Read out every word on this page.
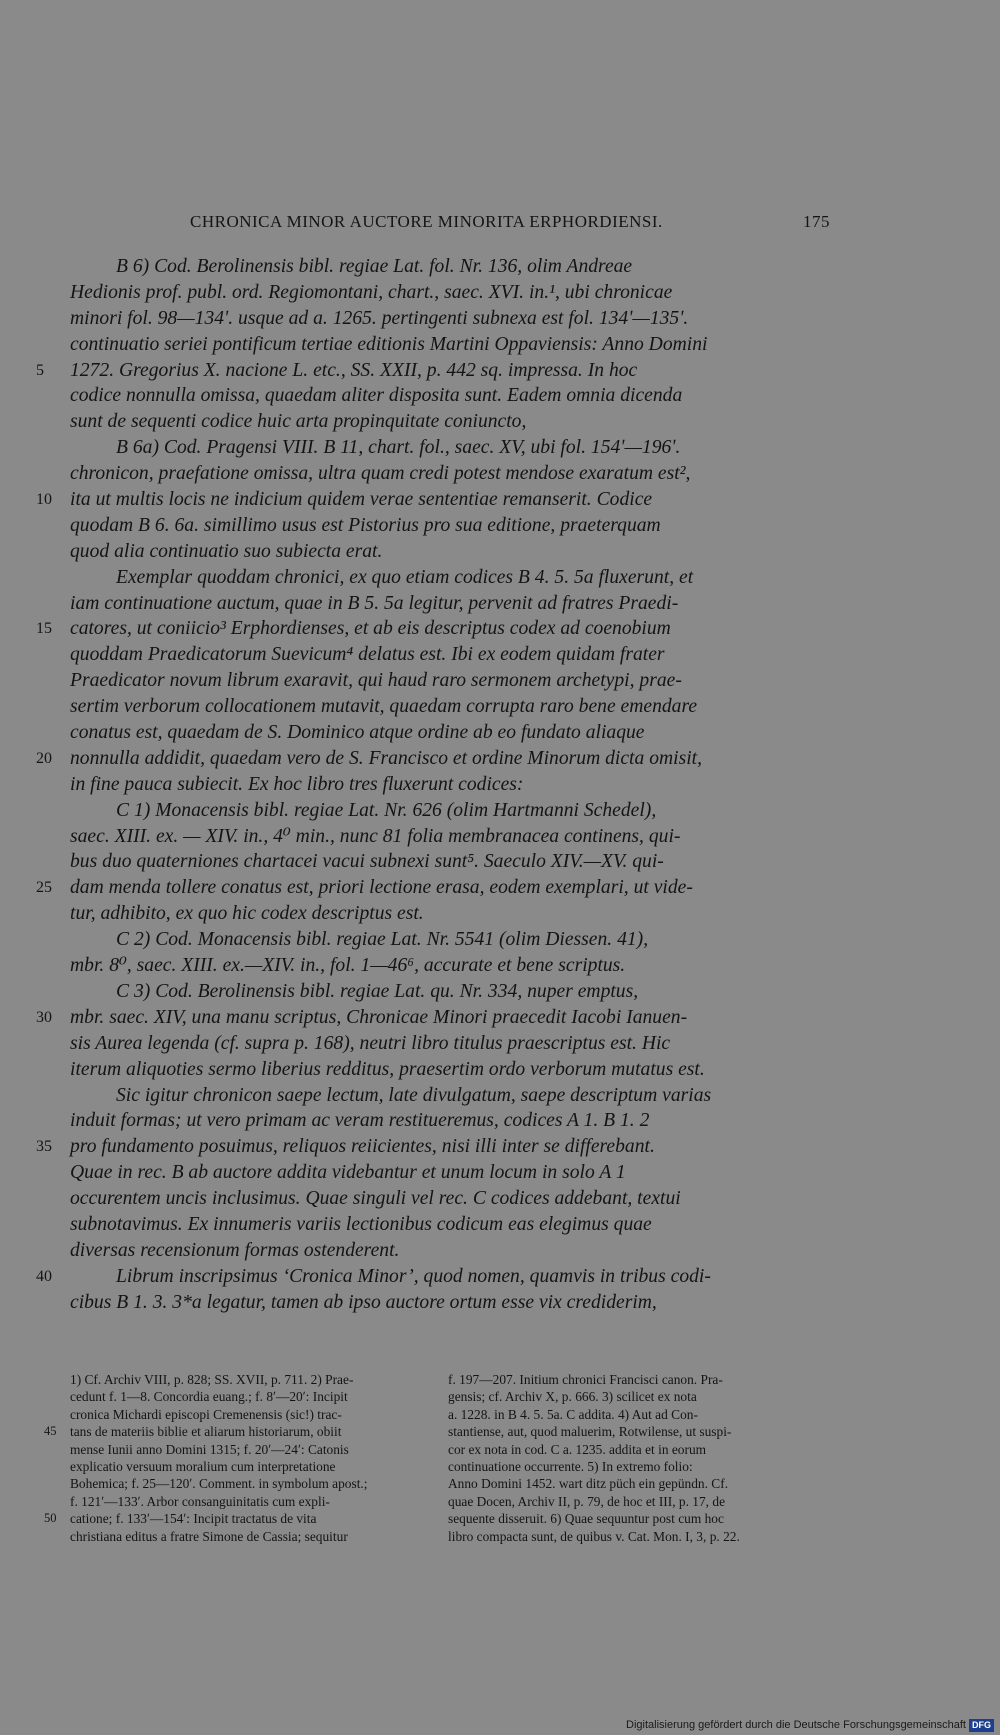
CHRONICA MINOR AUCTORE MINORITA ERPHORDIENSI.	175
B 6) Cod. Berolinensis bibl. regiae Lat. fol. Nr. 136, olim Andreae
Hedionis prof. publ. ord. Regiomontani, chart., saec. XVI. in.¹, ubi chronicae
minori fol. 98—134ʹ. usque ad a. 1265. pertingenti subnexa est fol. 134ʹ—135ʹ.
continuatio seriei pontificum tertiae editionis Martini Oppaviensis: Anno Domini
5	1272. Gregorius X. nacione L. etc., SS. XXII, p. 442 sq. impressa. In hoc
codice nonnulla omissa, quaedam aliter disposita sunt. Eadem omnia dicenda
sunt de sequenti codice huic arta propinquitate coniuncto,
B 6a) Cod. Pragensi VIII. B 11, chart. fol., saec. XV, ubi fol. 154ʹ—196ʹ.
chronicon, praefatione omissa, ultra quam credi potest mendose exaratum est²,
10 ita ut multis locis ne indicium quidem verae sententiae remanserit. Codice
quodam B 6. 6a. simillimo usus est Pistorius pro sua editione, praeterquam
quod alia continuatio suo subiecta erat.
Exemplar quoddam chronici, ex quo etiam codices B 4. 5. 5a fluxerunt, et
iam continuatione auctum, quae in B 5. 5a legitur, pervenit ad fratres Praedi-
15 catores, ut coniicio³ Erphordienses, et ab eis descriptus codex ad coenobium
quoddam Praedicatorum Suevicum⁴ delatus est. Ibi ex eodem quidam frater
Praedicator novum librum exaravit, qui haud raro sermonem archetypi, prae-
sertim verborum collocationem mutavit, quaedam corrupta raro bene emendare
conatus est, quaedam de S. Dominico atque ordine ab eo fundato aliaque
20 nonnulla addidit, quaedam vero de S. Francisco et ordine Minorum dicta omisit,
in fine pauca subiecit. Ex hoc libro tres fluxerunt codices:
C 1) Monacensis bibl. regiae Lat. Nr. 626 (olim Hartmanni Schedel),
saec. XIII. ex. — XIV. in., 4⁰ min., nunc 81 folia membranacea continens, qui-
bus duo quaterniones chartacei vacui subnexi sunt⁵. Saeculo XIV.—XV. qui-
25 dam menda tollere conatus est, priori lectione erasa, eodem exemplari, ut vide-
tur, adhibito, ex quo hic codex descriptus est.
C 2) Cod. Monacensis bibl. regiae Lat. Nr. 5541 (olim Diessen. 41),
mbr. 8⁰, saec. XIII. ex.—XIV. in., fol. 1—46⁶, accurate et bene scriptus.
C 3) Cod. Berolinensis bibl. regiae Lat. qu. Nr. 334, nuper emptus,
30 mbr. saec. XIV, una manu scriptus, Chronicae Minori praecedit Iacobi Ianuen-
sis Aurea legenda (cf. supra p. 168), neutri libro titulus praescriptus est. Hic
iterum aliquoties sermo liberius redditus, praesertim ordo verborum mutatus est.
Sic igitur chronicon saepe lectum, late divulgatum, saepe descriptum varias
induit formas; ut vero primam ac veram restitueremus, codices A 1. B 1. 2
35 pro fundamento posuimus, reliquos reiicientes, nisi illi inter se differebant.
Quae in rec. B ab auctore addita videbantur et unum locum in solo A 1
occurentem uncis inclusimus. Quae singuli vel rec. C codices addebant, textui
subnotavimus. Ex innumeris variis lectionibus codicum eas elegimus quae
diversas recensionum formas ostenderent.
40	Librum inscripsimus ‘Cronica Minor’, quod nomen, quamvis in tribus codi-
cibus B 1. 3. 3*a legatur, tamen ab ipso auctore ortum esse vix crediderim,
1) Cf. Archiv VIII, p. 828; SS. XVII, p. 711. 2) Prae-
cedunt f. 1—8. Concordia euang.; f. 8ʹ—20ʹ: Incipit
cronica Michardi episcopi Cremenensis (sic!) trac-
45 tans de materiis biblie et aliarum historiarum, obiit
mense Iunii anno Domini 1315; f. 20ʹ—24ʹ: Catonis
explicatio versuum moralium cum interpretatione
Bohemica; f. 25—120ʹ. Comment. in symbolum apost.;
f. 121ʹ—133ʹ. Arbor consanguinitatis cum expli-
50 catione; f. 133ʹ—154ʹ: Incipit tractatus de vita
christiana editus a fratre Simone de Cassia; sequitur
f. 197—207. Initium chronici Francisci canon. Pra-
gensis; cf. Archiv X, p. 666. 3) scilicet ex nota
a. 1228. in B 4. 5. 5a. C addita. 4) Aut ad Con-
stantiense, aut, quod maluerim, Rotwilense, ut suspi-
cor ex nota in cod. C a. 1235. addita et in eorum
continuatione occurrente. 5) In extremo folio:
Anno Domini 1452. wart ditz püch ein gepündn. Cf.
quae Docen, Archiv II, p. 79, de hoc et III, p. 17, de
sequente disseruit. 6) Quae sequuntur post cum hoc
libro compacta sunt, de quibus v. Cat. Mon. I, 3, p. 22.
Digitalisierung gefördert durch die Deutsche Forschungsgemeinschaft DFG
